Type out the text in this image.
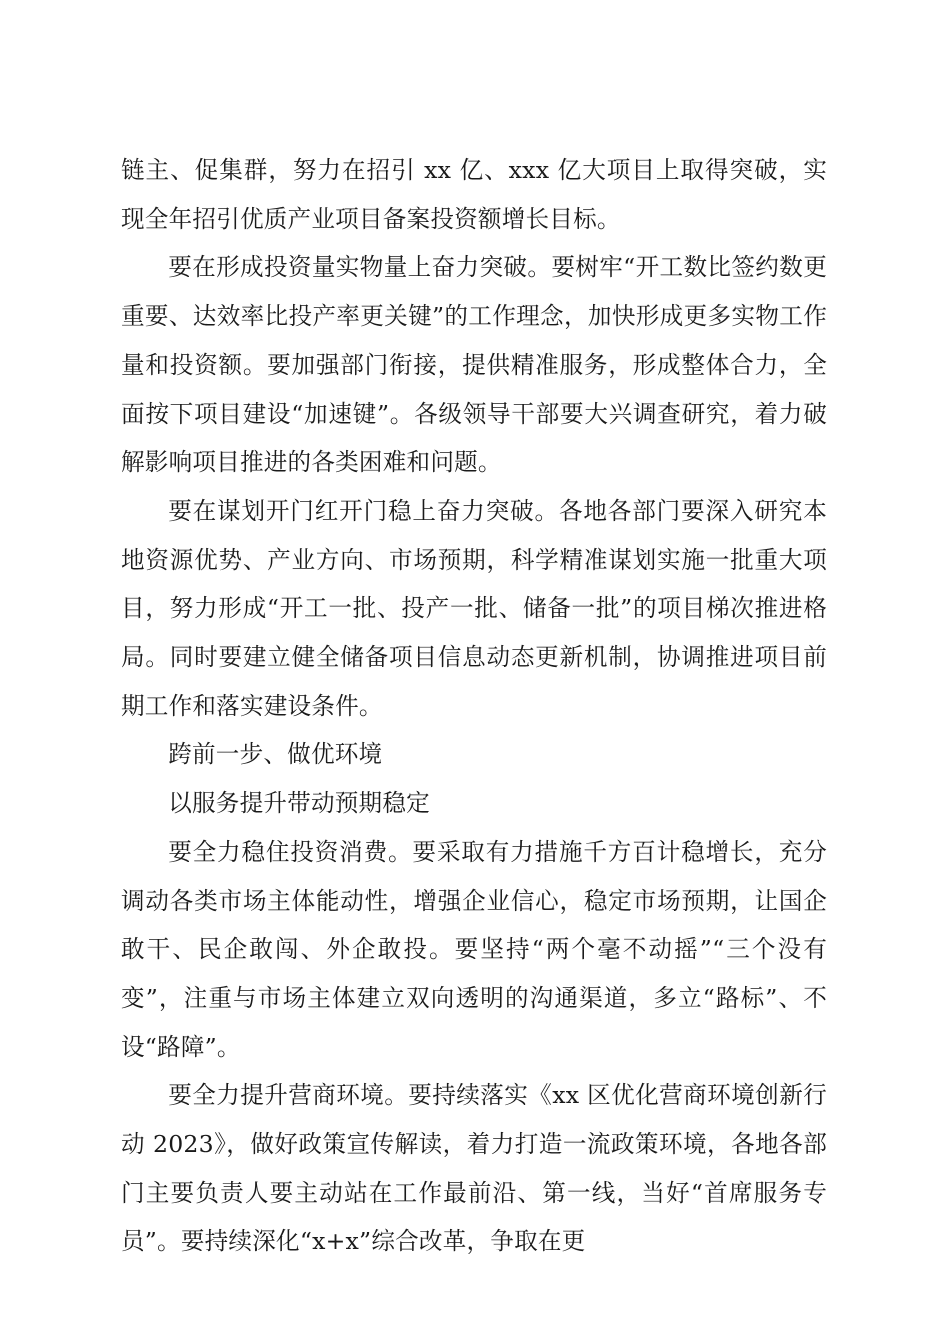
链主、促集群，努力在招引 xx 亿、xxx 亿大项目上取得突破，实现全年招引优质产业项目备案投资额增长目标。

要在形成投资量实物量上奋力突破。要树牢“开工数比签约数更重要、达效率比投产率更关键”的工作理念，加快形成更多实物工作量和投资额。要加强部门衔接，提供精准服务，形成整体合力，全面按下项目建设“加速键”。各级领导干部要大兴调查研究，着力破解影响项目推进的各类困难和问题。

要在谋划开门红开门稳上奋力突破。各地各部门要深入研究本地资源优势、产业方向、市场预期，科学精准谋划实施一批重大项目，努力形成“开工一批、投产一批、储备一批”的项目梯次推进格局。同时要建立健全储备项目信息动态更新机制，协调推进项目前期工作和落实建设条件。

跨前一步、做优环境

以服务提升带动预期稳定

要全力稳住投资消费。要采取有力措施千方百计稳增长，充分调动各类市场主体能动性，增强企业信心，稳定市场预期，让国企敢干、民企敢闯、外企敢投。要坚持“两个毫不动摇”“三个没有变”，注重与市场主体建立双向透明的沟通渠道，多立“路标”、不设“路障”。

要全力提升营商环境。要持续落实《xx 区优化营商环境创新行动 2023》，做好政策宣传解读，着力打造一流政策环境，各地各部门主要负责人要主动站在工作最前沿、第一线，当好“首席服务专员”。要持续深化“x+x”综合改革，争取在更
